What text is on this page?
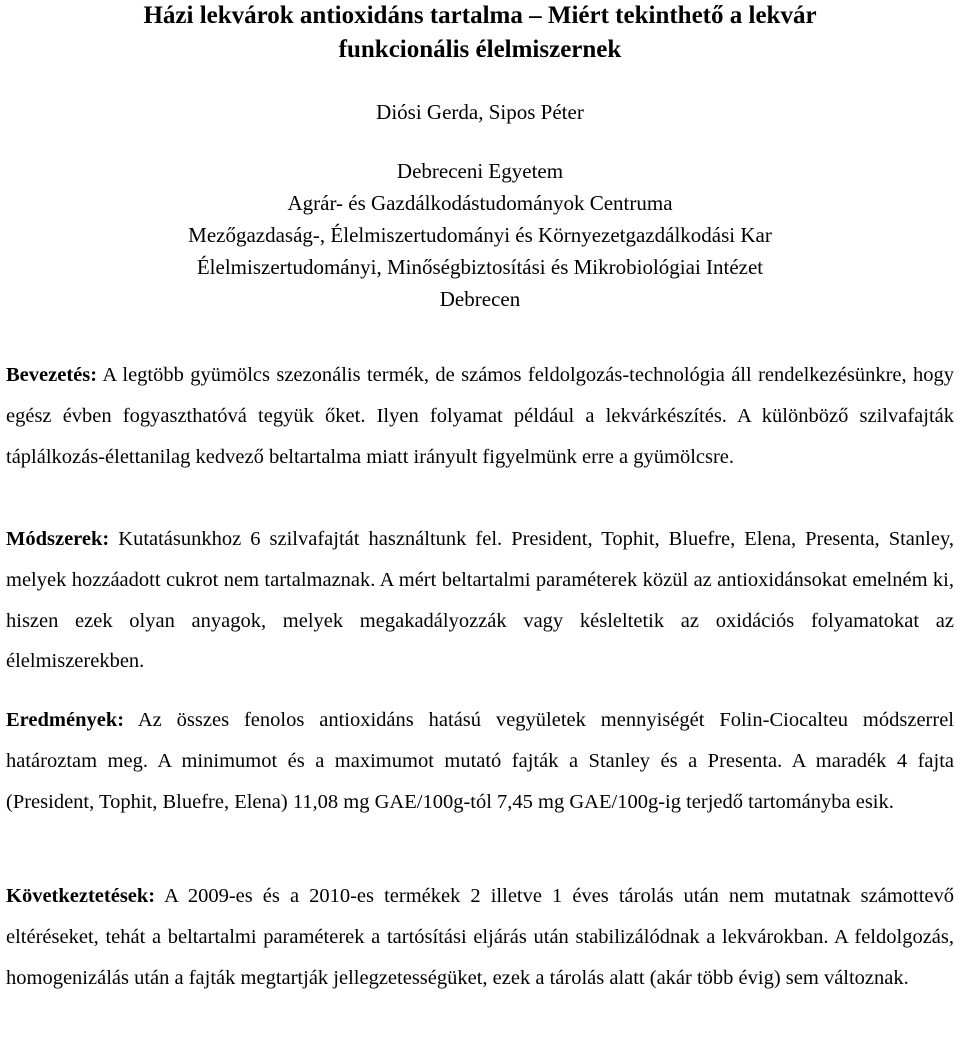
Házi lekvárok antioxidáns tartalma – Miért tekinthető a lekvár
funkcionális élelmiszernek

Diósi Gerda, Sipos Péter

Debreceni Egyetem

Agrár- és Gazdálkodástudományok Centruma

Mezőgazdaság-, Élelmiszertudományi és Környezetgazdálkodási Kar

Élelmiszertudományi, Minőségbiztosítási és Mikrobiológiai Intézet

Debrecen

Bevezetés: A legtöbb gyümölcs szezonális termék, de számos feldolgozás-technológia áll rendelkezésünkre, hogy egész évben fogyaszthatóvá tegyük őket. Ilyen folyamat például a lekvárkészítés. A különböző szilvafajták táplálkozás-élettanilag kedvező beltartalma miatt irányult figyelmünk erre a gyümölcsre.

Módszerek: Kutatásunkhoz 6 szilvafajtát használtunk fel. President, Tophit, Bluefre, Elena, Presenta, Stanley, melyek hozzáadott cukrot nem tartalmaznak. A mért beltartalmi paraméterek közül az antioxidánsokat emelném ki, hiszen ezek olyan anyagok, melyek megakadályozzák vagy késleltetik az oxidációs folyamatokat az élelmiszerekben.

Eredmények: Az összes fenolos antioxidáns hatású vegyületek mennyiségét Folin-Ciocalteu módszerrel határoztam meg. A minimumot és a maximumot mutató fajták a Stanley és a Presenta. A maradék 4 fajta (President, Tophit, Bluefre, Elena) 11,08 mg GAE/100g-tól 7,45 mg GAE/100g-ig terjedő tartományba esik.

Következtetések: A 2009-es és a 2010-es termékek 2 illetve 1 éves tárolás után nem mutatnak számottevő eltéréseket, tehát a beltartalmi paraméterek a tartósítási eljárás után stabilizálódnak a lekvárokban. A feldolgozás, homogenizálás után a fajták megtartják jellegzetességüket, ezek a tárolás alatt (akár több évig) sem változnak.
